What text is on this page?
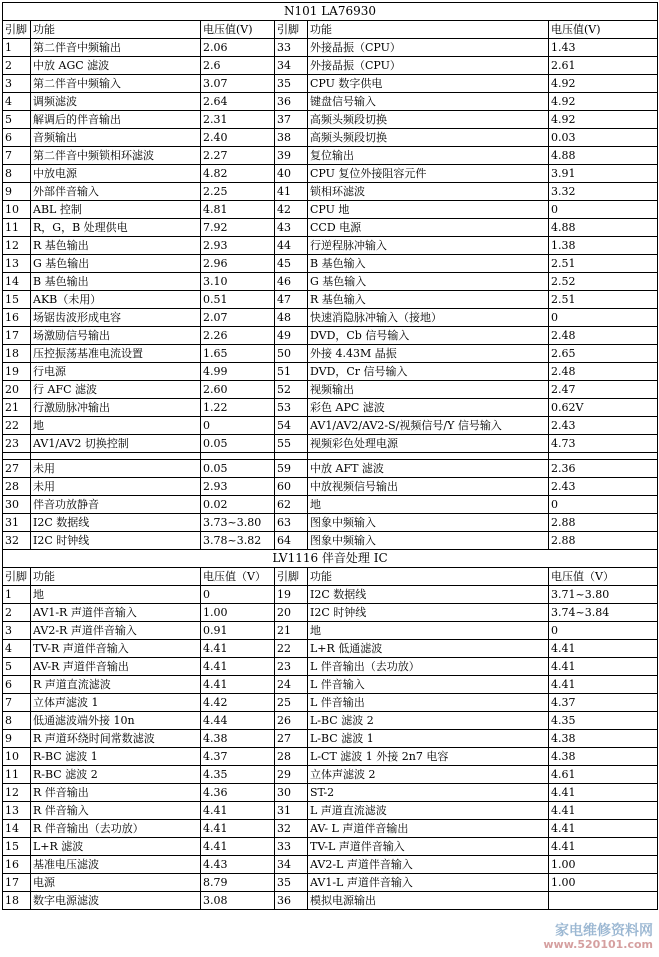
N101 LA76930					
引脚	功能	电压值(V)	引脚	功能	电压值(V)
1	第二伴音中频输出	2.06	33	外接晶振（CPU）	1.43
2	中放 AGC 滤波	2.6	34	外接晶振（CPU）	2.61
3	第二伴音中频输入	3.07	35	CPU 数字供电	4.92
4	调频滤波	2.64	36	键盘信号输入	4.92
5	解调后的伴音输出	2.31	37	高频头频段切换	4.92
6	音频输出	2.40	38	高频头频段切换	0.03
7	第二伴音中频锁相环滤波	2.27	39	复位输出	4.88
8	中放电源	4.82	40	CPU 复位外接阻容元件	3.91
9	外部伴音输入	2.25	41	锁相环滤波	3.32
10	ABL 控制	4.81	42	CPU 地	0
11	R，G，B 处理供电	7.92	43	CCD 电源	4.88
12	R 基色输出	2.93	44	行逆程脉冲输入	1.38
13	G 基色输出	2.96	45	B 基色输入	2.51
14	B 基色输出	3.10	46	G 基色输入	2.52
15	AKB（未用）	0.51	47	R 基色输入	2.51
16	场锯齿波形成电容	2.07	48	快速消隐脉冲输入（接地）	0
17	场激励信号输出	2.26	49	DVD，Cb 信号输入	2.48
18	压控振荡基准电流设置	1.65	50	外接 4.43M 晶振	2.65
19	行电源	4.99	51	DVD，Cr 信号输入	2.48
20	行 AFC 滤波	2.60	52	视频输出	2.47
21	行激励脉冲输出	1.22	53	彩色 APC 滤波	0.62V
22	地	0	54	AV1/AV2/AV2-S/视频信号/Y 信号输入	2.43
23	AV1/AV2 切换控制	0.05	55	视频彩色处理电源	4.73

27	未用	0.05	59	中放 AFT 滤波	2.36
28	未用	2.93	60	中放视频信号输出	2.43
30	伴音功放静音	0.02	62	地	0
31	I2C 数据线	3.73~3.80	63	图象中频输入	2.88
32	I2C 时钟线	3.78~3.82	64	图象中频输入	2.88
LV1116 伴音处理 IC					
引脚	功能	电压值（V）	引脚	功能	电压值（V）
1	地	0	19	I2C 数据线	3.71~3.80
2	AV1-R 声道伴音输入	1.00	20	I2C 时钟线	3.74~3.84
3	AV2-R 声道伴音输入	0.91	21	地	0
4	TV-R 声道伴音输入	4.41	22	L+R 低通滤波	4.41
5	AV-R 声道伴音输出	4.41	23	L 伴音输出（去功放）	4.41
6	R 声道直流滤波	4.41	24	L 伴音输入	4.41
7	立体声滤波 1	4.42	25	L 伴音输出	4.37
8	低通滤波端外接 10n	4.44	26	L-BC 滤波 2	4.35
9	R 声道环绕时间常数滤波	4.38	27	L-BC 滤波 1	4.38
10	R-BC 滤波 1	4.37	28	L-CT 滤波 1 外接 2n7 电容	4.38
11	R-BC 滤波 2	4.35	29	立体声滤波 2	4.61
12	R 伴音输出	4.36	30	ST-2	4.41
13	R 伴音输入	4.41	31	L 声道直流滤波	4.41
14	R 伴音输出（去功放）	4.41	32	AV- L 声道伴音输出	4.41
15	L+R 滤波	4.41	33	TV-L 声道伴音输入	4.41
16	基准电压滤波	4.43	34	AV2-L 声道伴音输入	1.00
17	电源	8.79	35	AV1-L 声道伴音输入	1.00
18	数字电源滤波	3.08	36	模拟电源输出	
家电维修资料网
www.520101.com
